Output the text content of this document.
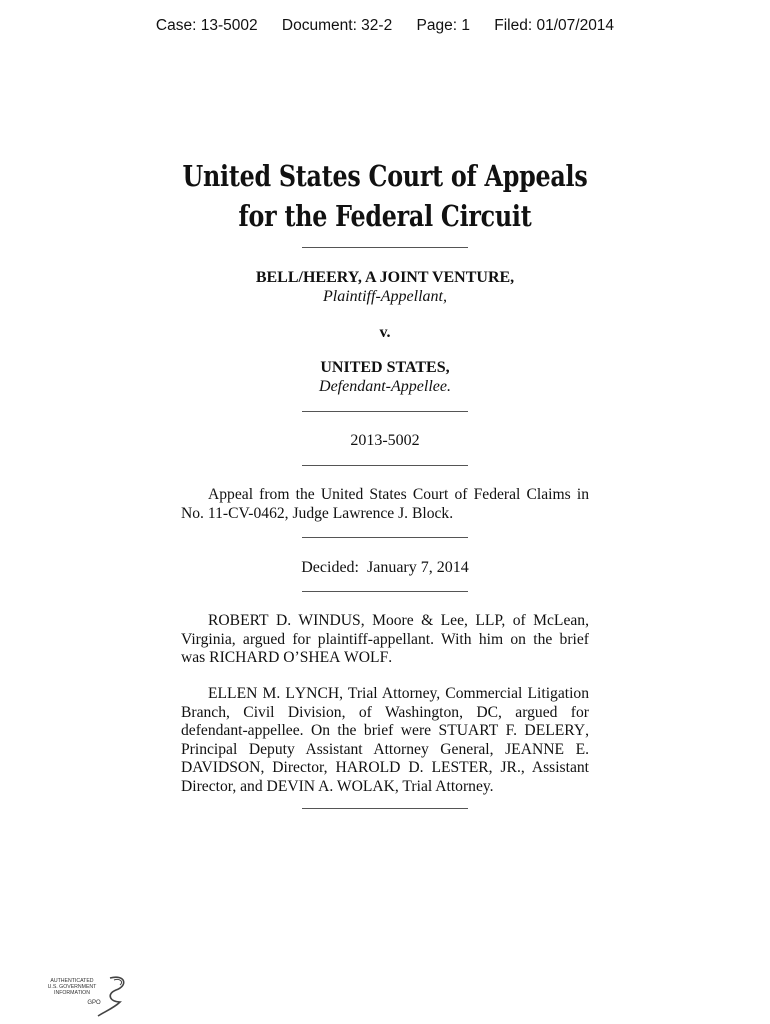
Case: 13-5002 Document: 32-2 Page: 1 Filed: 01/07/2014
United States Court of Appeals
for the Federal Circuit
BELL/HEERY, A JOINT VENTURE,
Plaintiff-Appellant,
v.
UNITED STATES,
Defendant-Appellee.
2013-5002

Appeal from the United States Court of Federal Claims in No. 11-CV-0462, Judge Lawrence J. Block.

Decided:  January 7, 2014

ROBERT D. WINDUS, Moore & Lee, LLP, of McLean, Virginia, argued for plaintiff-appellant. With him on the brief was RICHARD O’SHEA WOLF.

ELLEN M. LYNCH, Trial Attorney, Commercial Litigation Branch, Civil Division, of Washington, DC, argued for defendant-appellee. On the brief were STUART F. DELERY, Principal Deputy Assistant Attorney General, JEANNE E. DAVIDSON, Director, HAROLD D. LESTER, JR., Assistant Director, and DEVIN A. WOLAK, Trial Attorney.

AUTHENTICATED
U.S. GOVERNMENT
INFORMATION
GPO
